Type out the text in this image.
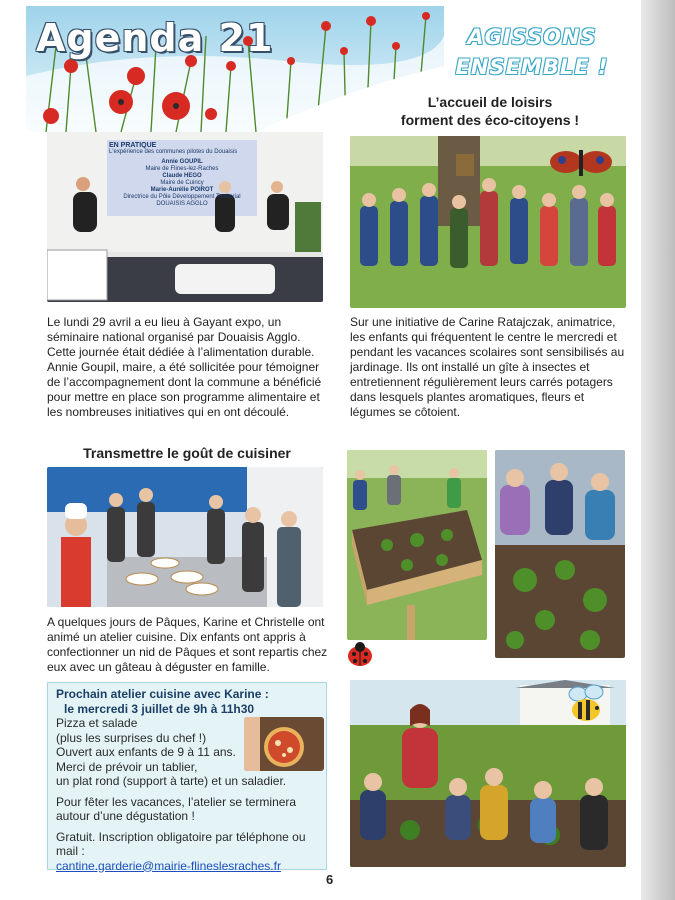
Agenda 21	AGISSONS
ENSEMBLE !
L’accueil de loisirs
forment des éco-citoyens !
EN PRATIQUE
L'expérience des communes pilotes du Douaisis
Annie GOUPIL
Maire de Flines-lez-Raches
Claude HEGO
Maire de Cuincy
Marie-Aurélie POIROT
Directrice du Pôle Développement Territorial DOUAISIS AGGLO

Le lundi 29 avril a eu lieu à Gayant expo, un séminaire national organisé par Douaisis Agglo. Cette journée était dédiée à l’alimentation durable. Annie Goupil, maire, a été sollicitée pour témoigner de l’accompagnement dont la commune a bénéficié pour mettre en place son programme alimentaire et les nombreuses initiatives qui en ont découlé.

Sur une initiative de Carine Ratajczak, animatrice, les enfants qui fréquentent le centre le mercredi et pendant les vacances scolaires sont sensibilisés au jardinage. Ils ont installé un gîte à insectes et entretiennent régulièrement leurs carrés potagers dans lesquels plantes aromatiques, fleurs et légumes se côtoient.

Transmettre le goût de cuisiner

A quelques jours de Pâques, Karine et Christelle ont animé un atelier cuisine. Dix enfants ont appris à confectionner un nid de Pâques et sont repartis chez eux avec un gâteau à déguster en famille.

Prochain atelier cuisine avec Karine :
le mercredi 3 juillet de 9h à 11h30
Pizza et salade
(plus les surprises du chef !)
Ouvert aux enfants de 9 à 11 ans.
Merci de prévoir un tablier,
un plat rond (support à tarte) et un saladier.
Pour fêter les vacances, l’atelier se terminera
autour d’une dégustation !
Gratuit. Inscription obligatoire par téléphone ou mail :
cantine.garderie@mairie-flineslesraches.fr
6
